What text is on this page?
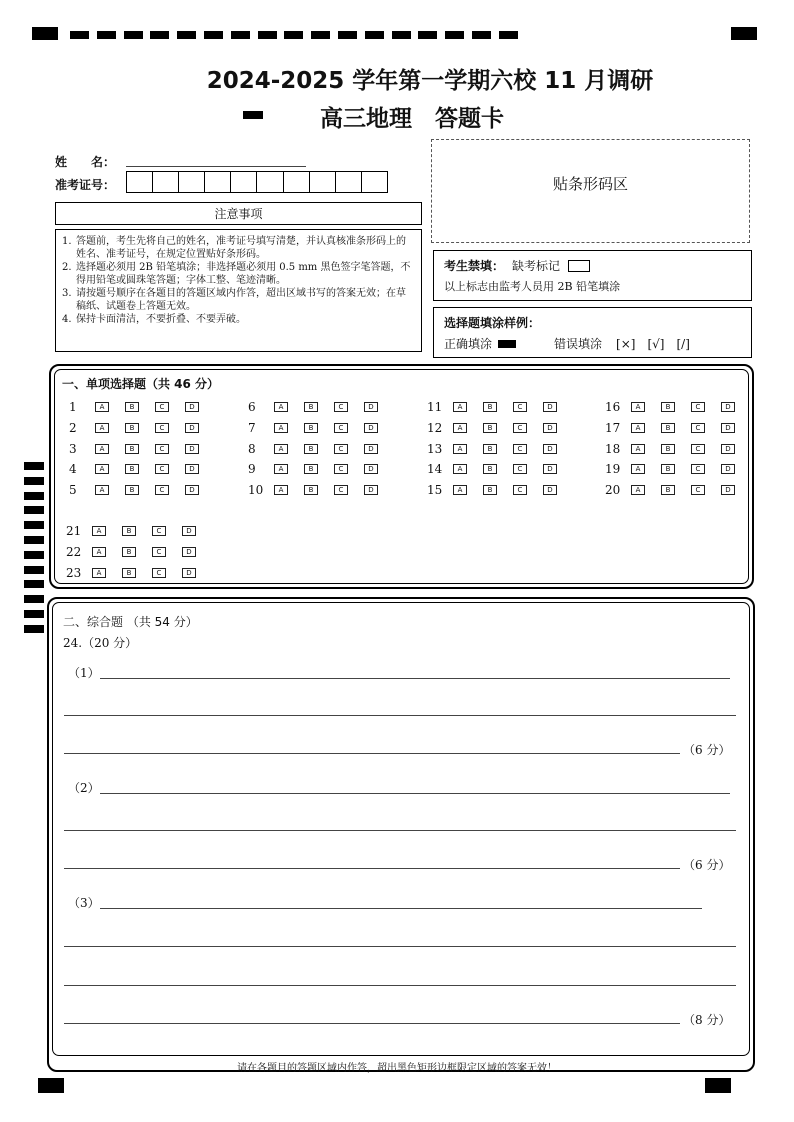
2024-2025 学年第一学期六校 11 月调研
高三地理　答题卡
姓　　名：
准考证号：	贴条形码区
注意事项
1. 答题前，考生先将自己的姓名，准考证号填写清楚，并认真核准条形码上的姓名、准考证号，在规定位置贴好条形码。
2. 选择题必须用 2B 铅笔填涂；非选择题必须用 0.5 mm 黑色签字笔答题，不得用铅笔或圆珠笔答题；字体工整、笔迹清晰。
3. 请按题号顺序在各题目的答题区域内作答，超出区域书写的答案无效；在草稿纸、试题卷上答题无效。
4. 保持卡面清洁，不要折叠、不要弄破。
考生禁填： 缺考标记
以上标志由监考人员用 2B 铅笔填涂
选择题填涂样例：
正确填涂	错误填涂 [×] [√] [/]
一、单项选择题（共 46 分）
1	A	B	C	D
2	A	B	C	D
3	A	B	C	D
4	A	B	C	D
5	A	B	C	D
6	A	B	C	D
7	A	B	C	D
8	A	B	C	D
9	A	B	C	D
10	A	B	C	D
11	A	B	C	D
12	A	B	C	D
13	A	B	C	D
14	A	B	C	D
15	A	B	C	D
16	A	B	C	D
17	A	B	C	D
18	A	B	C	D
19	A	B	C	D
20	A	B	C	D
21	A	B	C	D
22	A	B	C	D
23	A	B	C	D
二、综合题 （共 54 分）
24.（20 分）
（1）
（6 分）
（2）
（6 分）
（3）
（8 分）
请在各题目的答题区域内作答，超出黑色矩形边框限定区域的答案无效！
